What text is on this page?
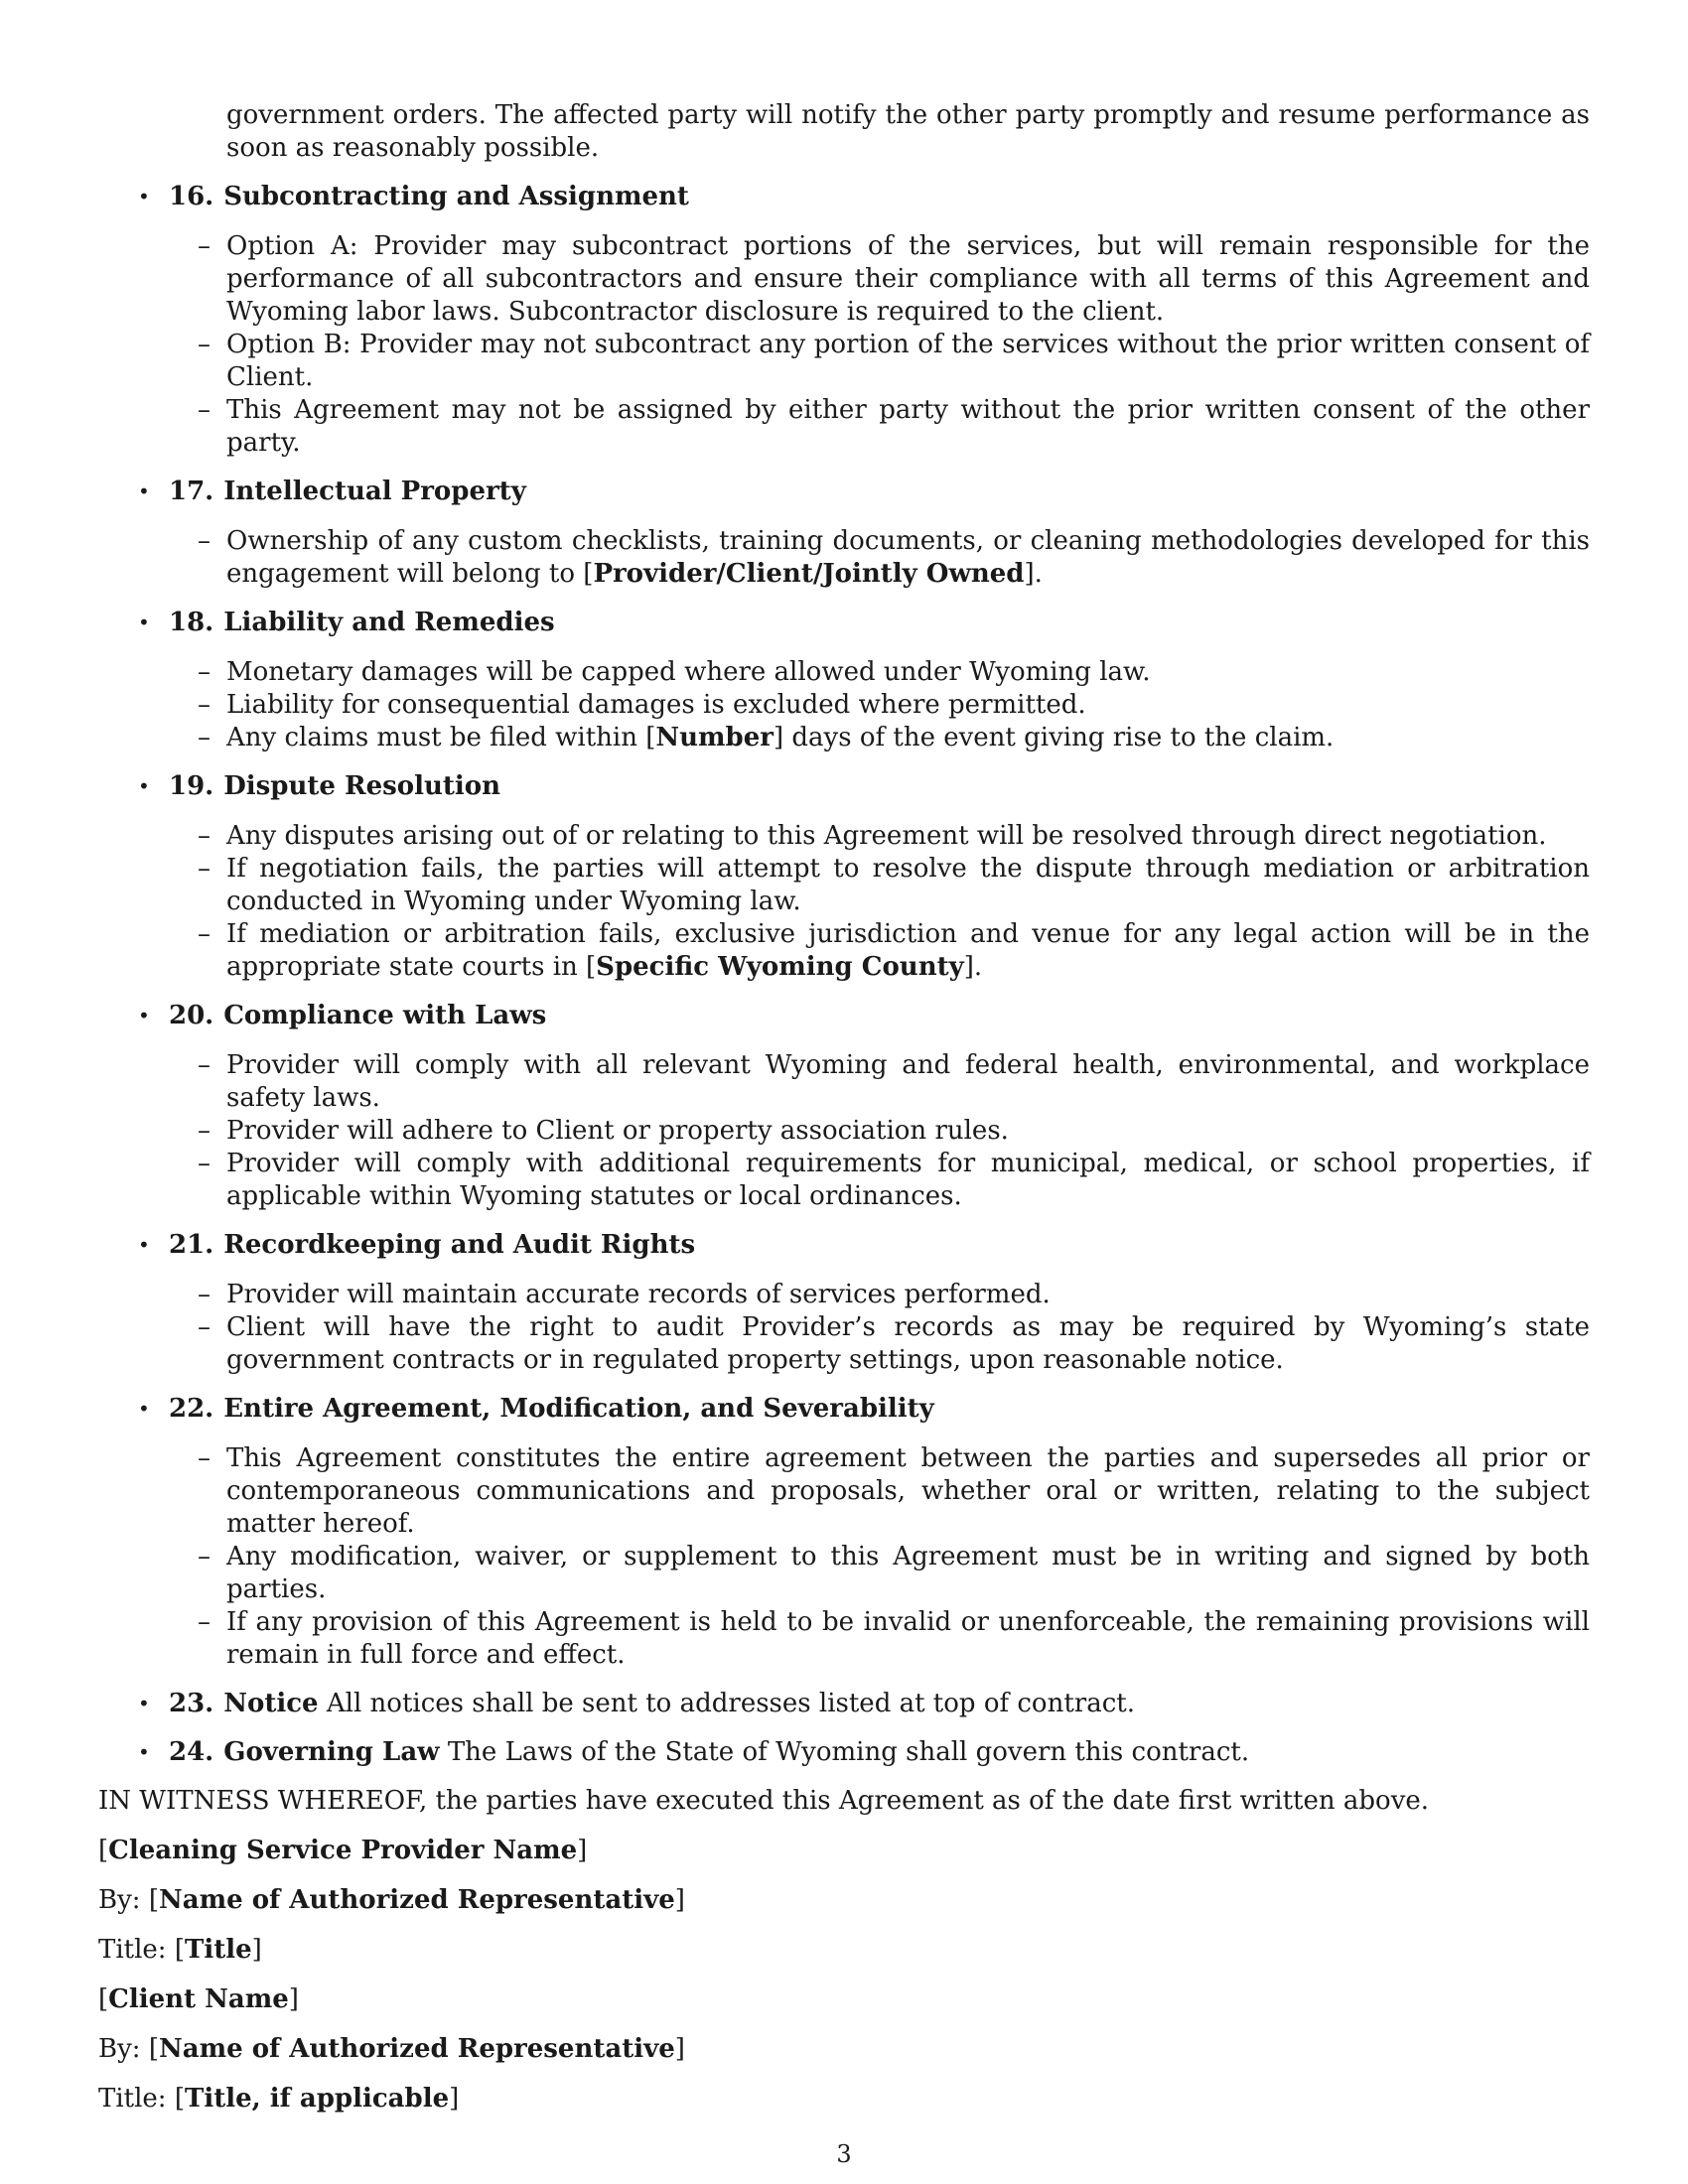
government orders. The affected party will notify the other party promptly and resume performance as soon as reasonably possible.

• 16. Subcontracting and Assignment

– Option A: Provider may subcontract portions of the services, but will remain responsible for the performance of all subcontractors and ensure their compliance with all terms of this Agreement and Wyoming labor laws. Subcontractor disclosure is required to the client.
– Option B: Provider may not subcontract any portion of the services without the prior written consent of Client.
– This Agreement may not be assigned by either party without the prior written consent of the other party.
• 17. Intellectual Property

– Ownership of any custom checklists, training documents, or cleaning methodologies developed for this engagement will belong to [Provider/Client/Jointly Owned].
• 18. Liability and Remedies

– Monetary damages will be capped where allowed under Wyoming law.
– Liability for consequential damages is excluded where permitted.
– Any claims must be filed within [Number] days of the event giving rise to the claim.
• 19. Dispute Resolution

– Any disputes arising out of or relating to this Agreement will be resolved through direct negotiation.
– If negotiation fails, the parties will attempt to resolve the dispute through mediation or arbitration conducted in Wyoming under Wyoming law.
– If mediation or arbitration fails, exclusive jurisdiction and venue for any legal action will be in the appropriate state courts in [Specific Wyoming County].
• 20. Compliance with Laws

– Provider will comply with all relevant Wyoming and federal health, environmental, and workplace safety laws.
– Provider will adhere to Client or property association rules.
– Provider will comply with additional requirements for municipal, medical, or school properties, if applicable within Wyoming statutes or local ordinances.
• 21. Recordkeeping and Audit Rights

– Provider will maintain accurate records of services performed.
– Client will have the right to audit Provider’s records as may be required by Wyoming’s state government contracts or in regulated property settings, upon reasonable notice.
• 22. Entire Agreement, Modification, and Severability

– This Agreement constitutes the entire agreement between the parties and supersedes all prior or contemporaneous communications and proposals, whether oral or written, relating to the subject matter hereof.
– Any modification, waiver, or supplement to this Agreement must be in writing and signed by both parties.
– If any provision of this Agreement is held to be invalid or unenforceable, the remaining provisions will remain in full force and effect.
• 23. Notice All notices shall be sent to addresses listed at top of contract.

• 24. Governing Law The Laws of the State of Wyoming shall govern this contract.

IN WITNESS WHEREOF, the parties have executed this Agreement as of the date first written above.

[Cleaning Service Provider Name]

By: [Name of Authorized Representative]

Title: [Title]

[Client Name]

By: [Name of Authorized Representative]

Title: [Title, if applicable]

3
